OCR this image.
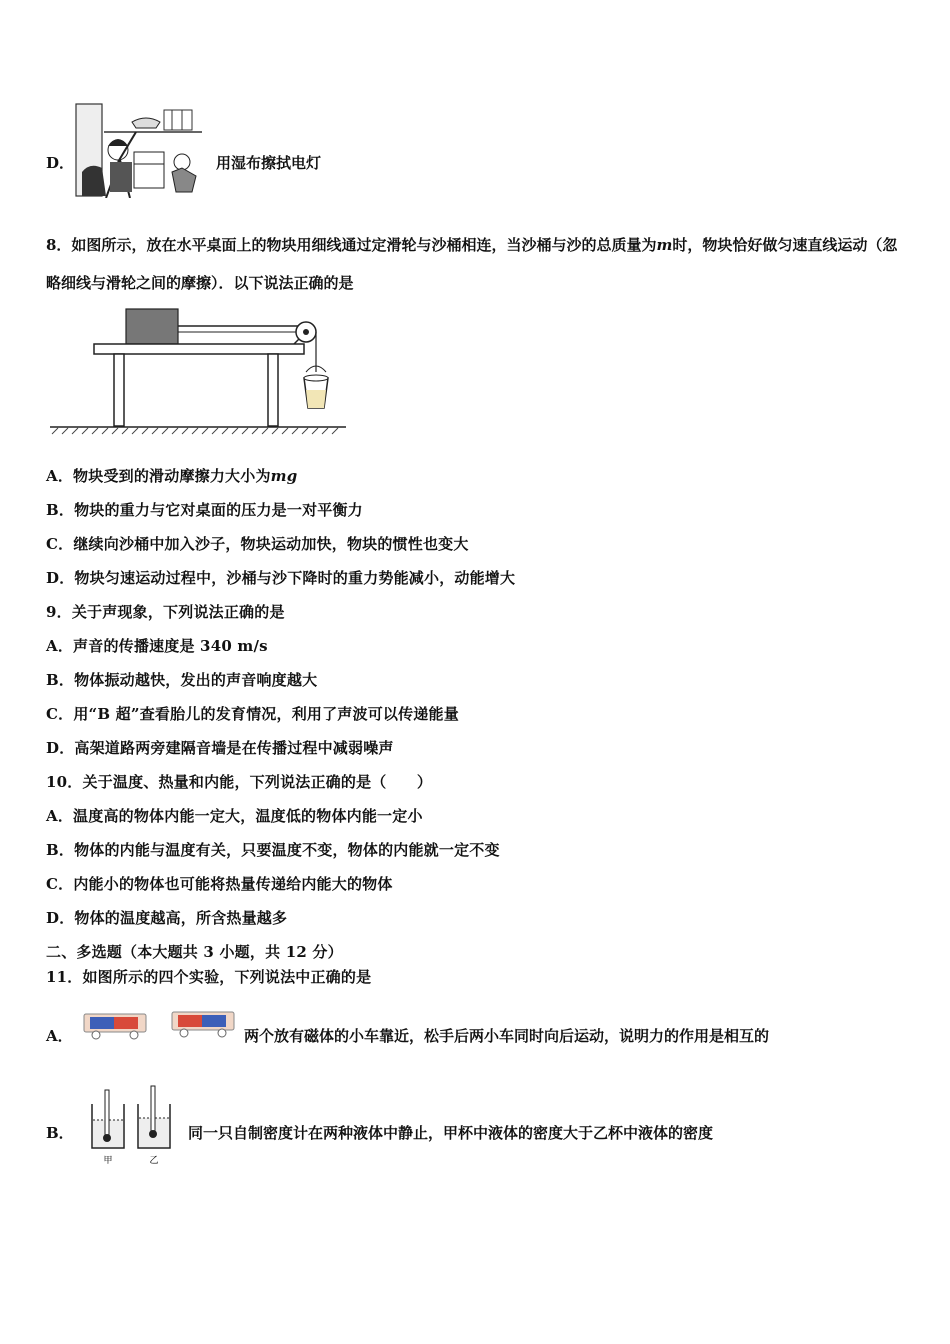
D．	用湿布擦拭电灯
8．如图所示，放在水平桌面上的物块用细线通过定滑轮与沙桶相连，当沙桶与沙的总质量为m时，物块恰好做匀速直线运动（忽略细线与滑轮之间的摩擦）．以下说法正确的是
A．物块受到的滑动摩擦力大小为mg
B．物块的重力与它对桌面的压力是一对平衡力
C．继续向沙桶中加入沙子，物块运动加快，物块的惯性也变大
D．物块匀速运动过程中，沙桶与沙下降时的重力势能减小，动能增大
9．关于声现象，下列说法正确的是
A．声音的传播速度是 340 m/s
B．物体振动越快，发出的声音响度越大
C．用“B 超”查看胎儿的发育情况，利用了声波可以传递能量
D．高架道路两旁建隔音墙是在传播过程中减弱噪声
10．关于温度、热量和内能，下列说法正确的是（　　）
A．温度高的物体内能一定大，温度低的物体内能一定小
B．物体的内能与温度有关，只要温度不变，物体的内能就一定不变
C．内能小的物体也可能将热量传递给内能大的物体
D．物体的温度越高，所含热量越多
二、多选题（本大题共 3 小题，共 12 分）
11．如图所示的四个实验，下列说法中正确的是
A．	两个放有磁体的小车靠近，松手后两小车同时向后运动，说明力的作用是相互的
B．
甲	乙
同一只自制密度计在两种液体中静止，甲杯中液体的密度大于乙杯中液体的密度
